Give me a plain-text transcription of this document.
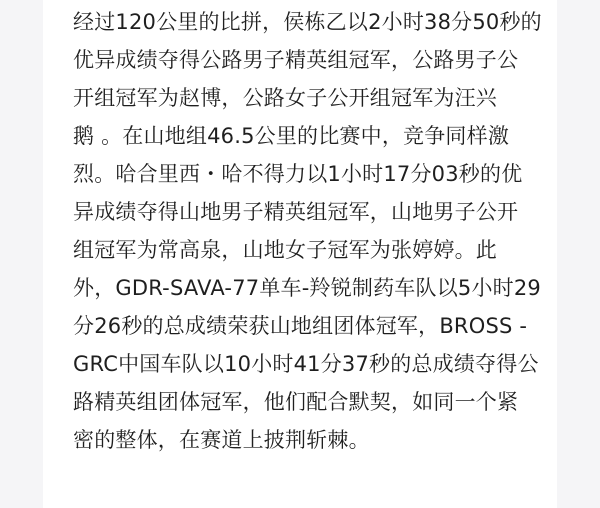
经过120公里的比拼，侯栋乙以2小时38分50秒的
优异成绩夺得公路男子精英组冠军，公路男子公
开组冠军为赵博，公路女子公开组冠军为汪兴
鹅 。在山地组46.5公里的比赛中，竞争同样激
烈。哈合里西・哈不得力以1小时17分03秒的优
异成绩夺得山地男子精英组冠军，山地男子公开
组冠军为常高泉，山地女子冠军为张婷婷。此
外，GDR-SAVA-77单车-羚锐制药车队以5小时29
分26秒的总成绩荣获山地组团体冠军，BROSS -
GRC中国车队以10小时41分37秒的总成绩夺得公
路精英组团体冠军，他们配合默契，如同一个紧
密的整体，在赛道上披荆斩棘。
